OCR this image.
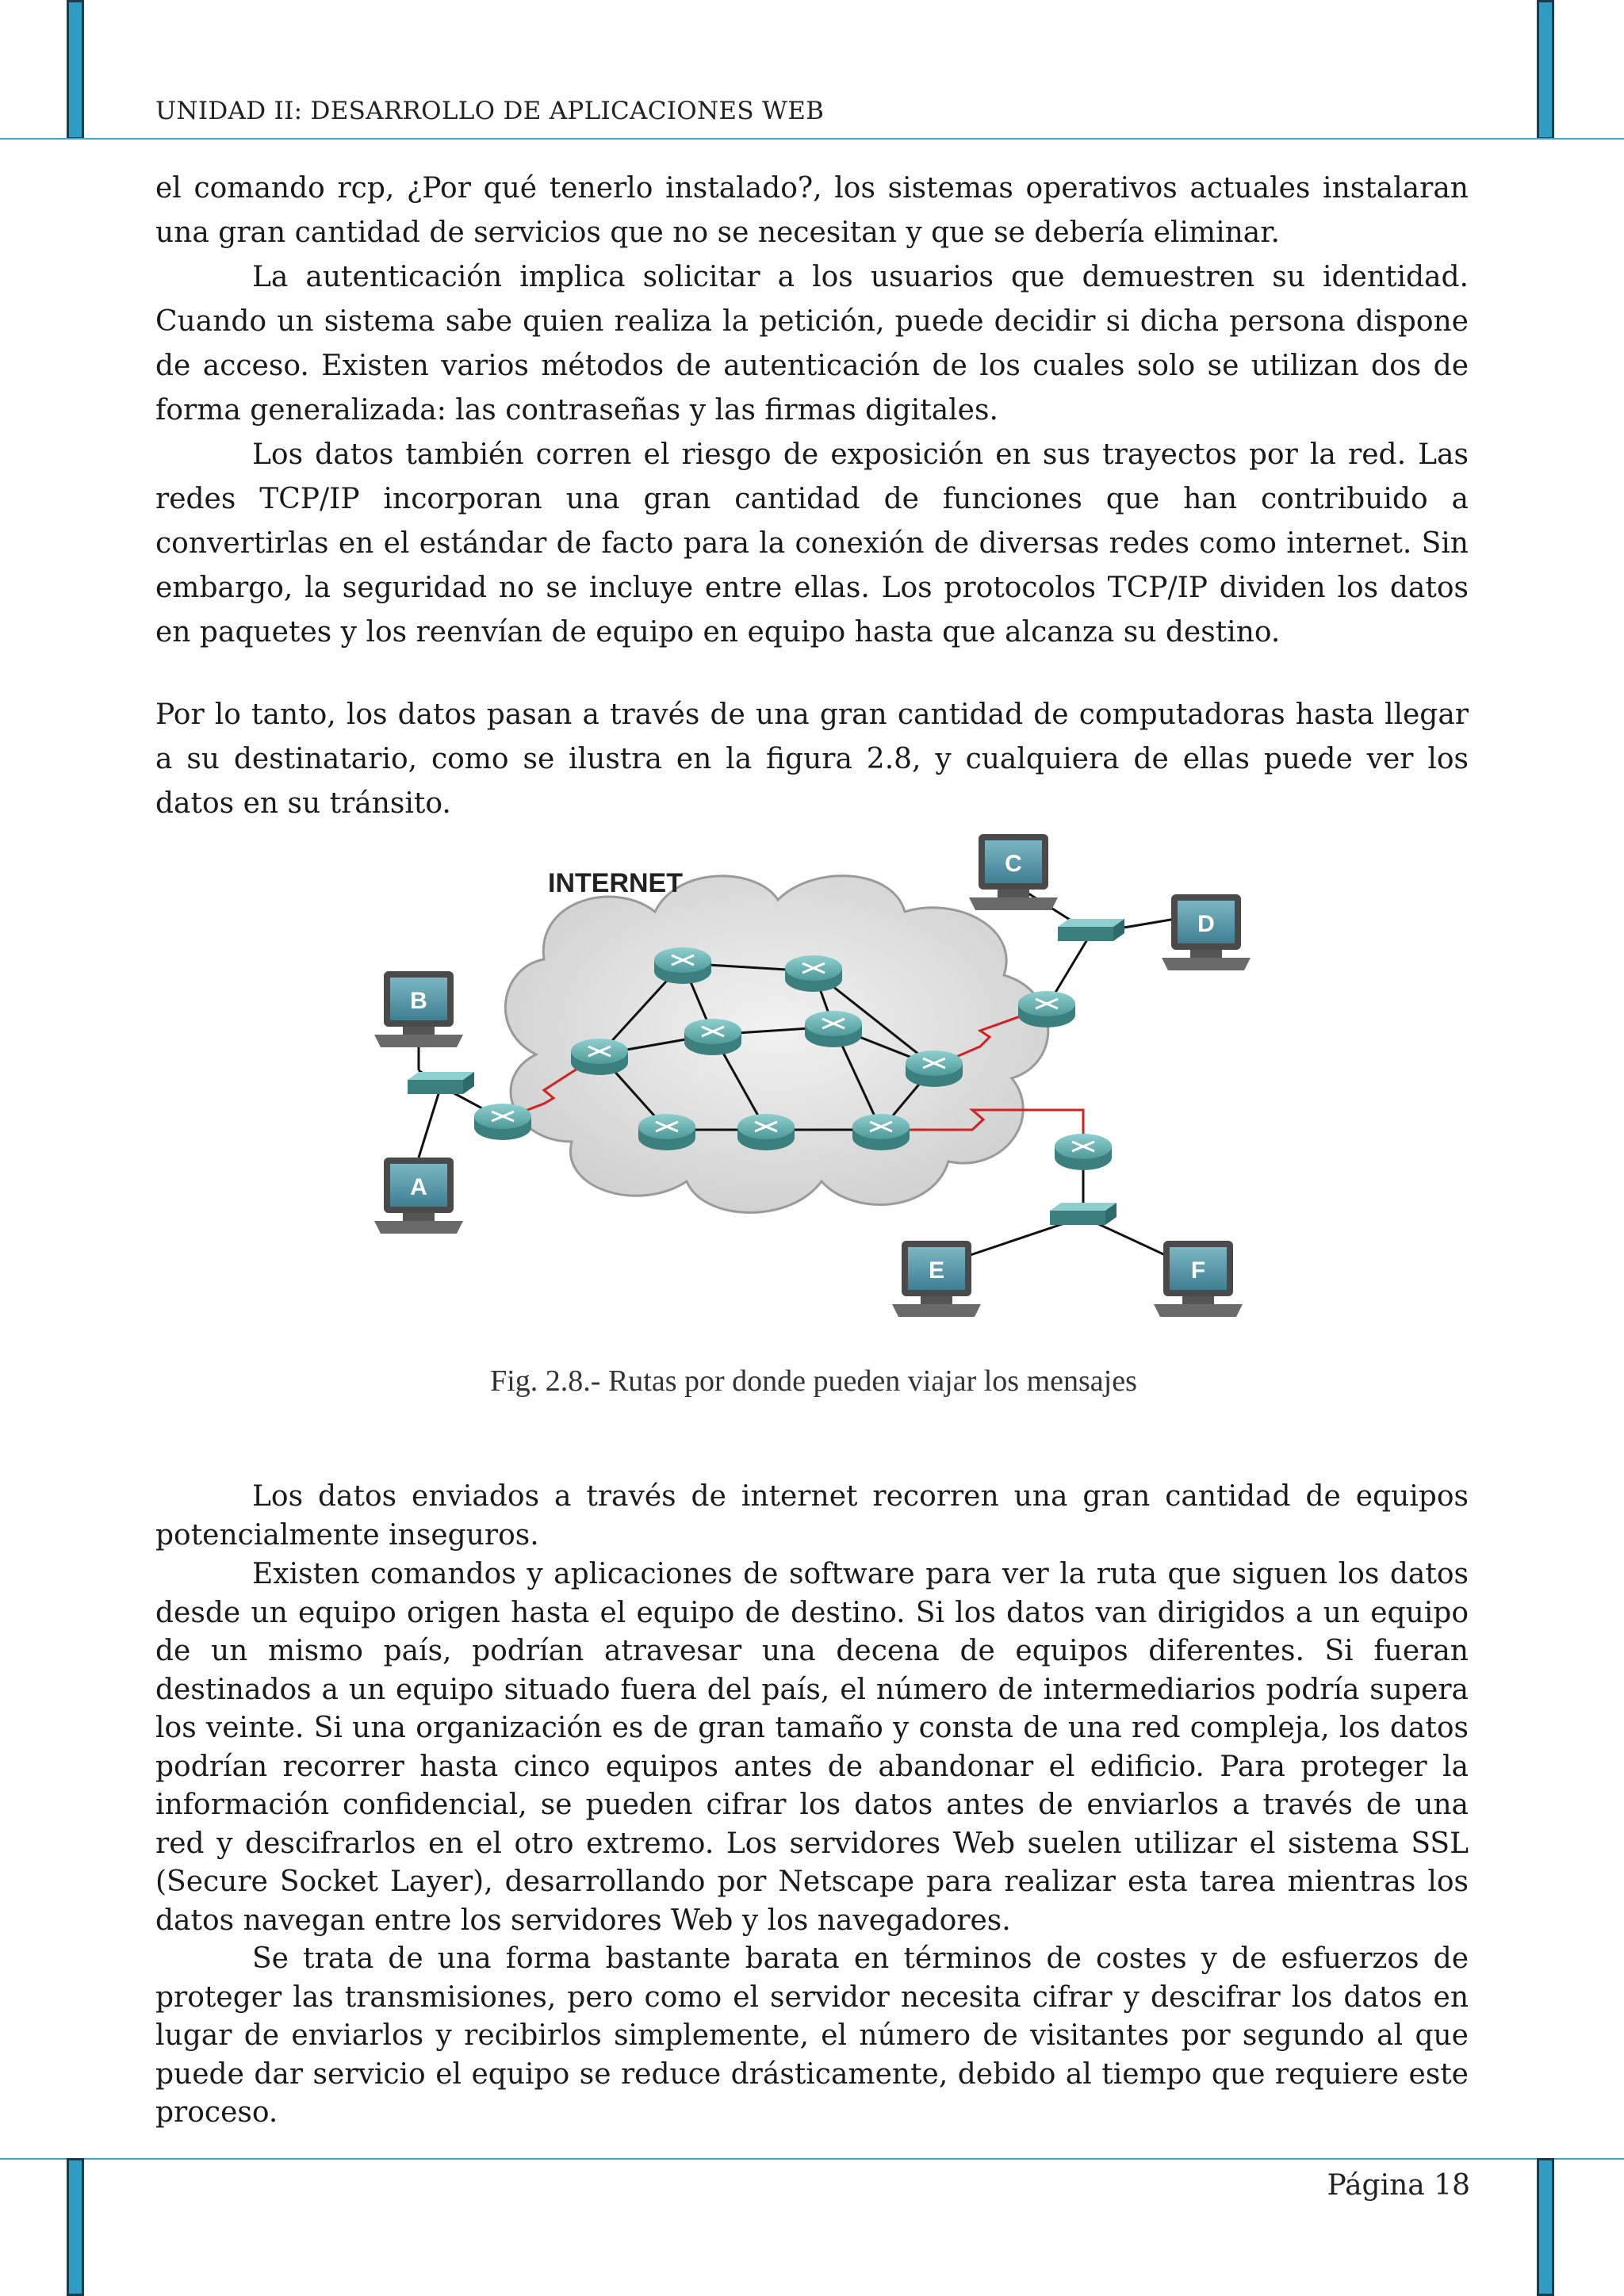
UNIDAD II: DESARROLLO DE APLICACIONES WEB

el comando rcp, ¿Por qué tenerlo instalado?, los sistemas operativos actuales instalaran una gran cantidad de servicios que no se necesitan y que se debería eliminar.

La autenticación implica solicitar a los usuarios que demuestren su identidad. Cuando un sistema sabe quien realiza la petición, puede decidir si dicha persona dispone de acceso. Existen varios métodos de autenticación de los cuales solo se utilizan dos de forma generalizada: las contraseñas y las firmas digitales.

Los datos también corren el riesgo de exposición en sus trayectos por la red. Las redes TCP/IP incorporan una gran cantidad de funciones que han contribuido a convertirlas en el estándar de facto para la conexión de diversas redes como internet. Sin embargo, la seguridad no se incluye entre ellas. Los protocolos TCP/IP dividen los datos en paquetes y los reenvían de equipo en equipo hasta que alcanza su destino.

Por lo tanto, los datos pasan a través de una gran cantidad de computadoras hasta llegar a su destinatario, como se ilustra en la figura 2.8, y cualquiera de ellas puede ver los datos en su tránsito.

INTERNET
A
B
C
D
E	F
Fig. 2.8.- Rutas por donde pueden viajar los mensajes

Los datos enviados a través de internet recorren una gran cantidad de equipos potencialmente inseguros.

Existen comandos y aplicaciones de software para ver la ruta que siguen los datos desde un equipo origen hasta el equipo de destino. Si los datos van dirigidos a un equipo de un mismo país, podrían atravesar una decena de equipos diferentes. Si fueran destinados a un equipo situado fuera del país, el número de intermediarios podría supera los veinte. Si una organización es de gran tamaño y consta de una red compleja, los datos podrían recorrer hasta cinco equipos antes de abandonar el edificio. Para proteger la información confidencial, se pueden cifrar los datos antes de enviarlos a través de una red y descifrarlos en el otro extremo. Los servidores Web suelen utilizar el sistema SSL (Secure Socket Layer), desarrollando por Netscape para realizar esta tarea mientras los datos navegan entre los servidores Web y los navegadores.

Se trata de una forma bastante barata en términos de costes y de esfuerzos de proteger las transmisiones, pero como el servidor necesita cifrar y descifrar los datos en lugar de enviarlos y recibirlos simplemente, el número de visitantes por segundo al que puede dar servicio el equipo se reduce drásticamente, debido al tiempo que requiere este proceso.

Página 18
